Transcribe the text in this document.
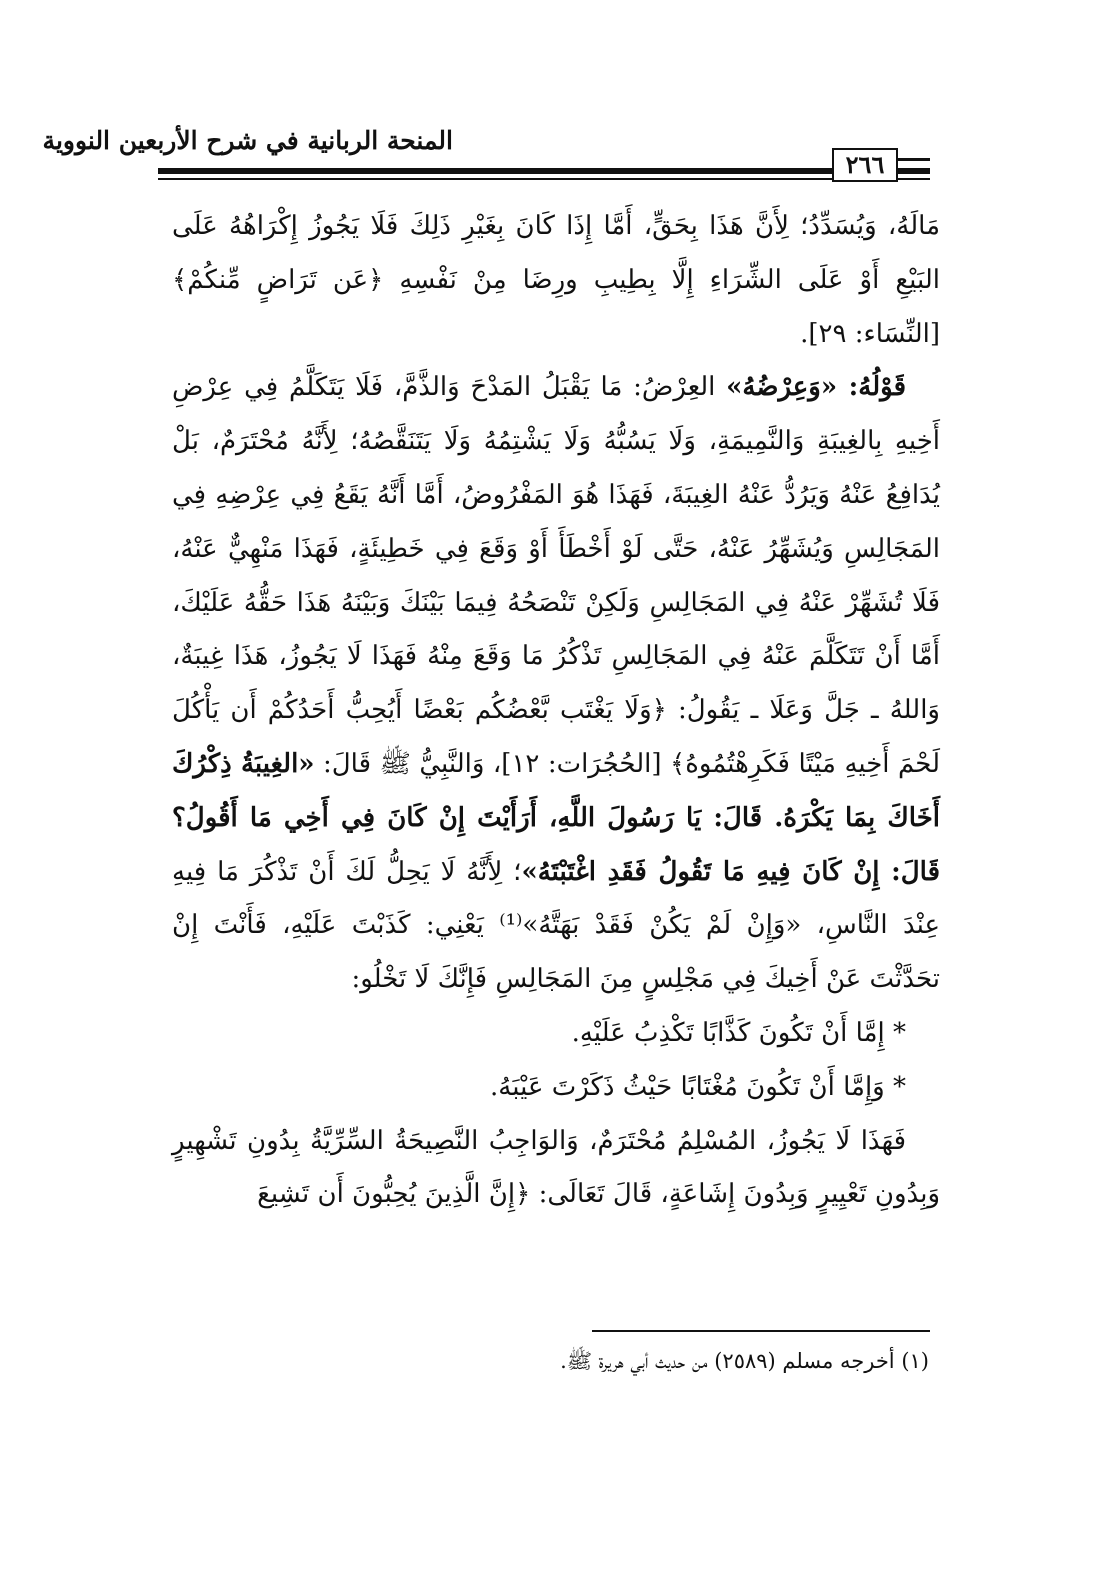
المنحة الربانية في شرح الأربعين النووية
٢٦٦

مَالَهُ، وَيُسَدِّدُ؛ لِأَنَّ هَذَا بِحَقٍّ، أَمَّا إِذَا كَانَ بِغَيْرِ ذَلِكَ فَلَا يَجُوزُ إِكْرَاهُهُ عَلَى البَيْعِ أَوْ عَلَى الشِّرَاءِ إِلَّا بِطِيبِ ورِضَا مِنْ نَفْسِهِ ﴿عَن تَرَاضٍ مِّنكُمْ﴾ [النِّسَاء: ٢٩].

قَوْلُهُ: «وَعِرْضُهُ» العِرْضُ: مَا يَقْبَلُ المَدْحَ وَالذَّمَّ، فَلَا يَتَكَلَّمُ فِي عِرْضِ أَخِيهِ بِالغِيبَةِ وَالنَّمِيمَةِ، وَلَا يَسُبُّهُ وَلَا يَشْتِمُهُ وَلَا يَتَنَقَّصُهُ؛ لِأَنَّهُ مُحْتَرَمٌ، بَلْ يُدَافِعُ عَنْهُ وَيَرُدُّ عَنْهُ الغِيبَةَ، فَهَذَا هُوَ المَفْرُوضُ، أَمَّا أَنَّهُ يَقَعُ فِي عِرْضِهِ فِي المَجَالِسِ وَيُشَهِّرُ عَنْهُ، حَتَّى لَوْ أَخْطَأَ أَوْ وَقَعَ فِي خَطِيئَةٍ، فَهَذَا مَنْهِيٌّ عَنْهُ، فَلَا تُشَهِّرْ عَنْهُ فِي المَجَالِسِ وَلَكِنْ تَنْصَحُهُ فِيمَا بَيْنَكَ وَبَيْنَهُ هَذَا حَقُّهُ عَلَيْكَ، أَمَّا أَنْ تَتَكَلَّمَ عَنْهُ فِي المَجَالِسِ تَذْكُرُ مَا وَقَعَ مِنْهُ فَهَذَا لَا يَجُوزُ، هَذَا غِيبَةٌ، وَاللهُ ـ جَلَّ وَعَلَا ـ يَقُولُ: ﴿وَلَا يَغْتَب بَّعْضُكُم بَعْضًا أَيُحِبُّ أَحَدُكُمْ أَن يَأْكُلَ لَحْمَ أَخِيهِ مَيْتًا فَكَرِهْتُمُوهُ﴾ [الحُجُرَات: ١٢]، وَالنَّبِيُّ ﷺ قَالَ: «الغِيبَةُ ذِكْرُكَ أَخَاكَ بِمَا يَكْرَهُ. قَالَ: يَا رَسُولَ اللَّهِ، أَرَأَيْتَ إِنْ كَانَ فِي أَخِي مَا أَقُولُ؟ قَالَ: إِنْ كَانَ فِيهِ مَا تَقُولُ فَقَدِ اغْتَبْتَهُ»؛ لِأَنَّهُ لَا يَحِلُّ لَكَ أَنْ تَذْكُرَ مَا فِيهِ عِنْدَ النَّاسِ، «وَإِنْ لَمْ يَكُنْ فَقَدْ بَهَتَّهُ»⁽¹⁾ يَعْنِي: كَذَبْتَ عَلَيْهِ، فَأَنْتَ إِنْ تحَدَّثْتَ عَنْ أَخِيكَ فِي مَجْلِسٍ مِنَ المَجَالِسِ فَإِنَّكَ لَا تَخْلُو:

* إِمَّا أَنْ تَكُونَ كَذَّابًا تَكْذِبُ عَلَيْهِ.

* وَإِمَّا أَنْ تَكُونَ مُغْتَابًا حَيْثُ ذَكَرْتَ عَيْبَهُ.

فَهَذَا لَا يَجُوزُ، المُسْلِمُ مُحْتَرَمٌ، وَالوَاجِبُ النَّصِيحَةُ السِّرِّيَّةُ بِدُونِ تَشْهِيرٍ وَبِدُونِ تَعْيِيرٍ وَبِدُونَ إِشَاعَةٍ، قَالَ تَعَالَى: ﴿إِنَّ الَّذِينَ يُحِبُّونَ أَن تَشِيعَ

(١) أخرجه مسلم (٢٥٨٩) من حديث أبي هريرة ﷺ.
